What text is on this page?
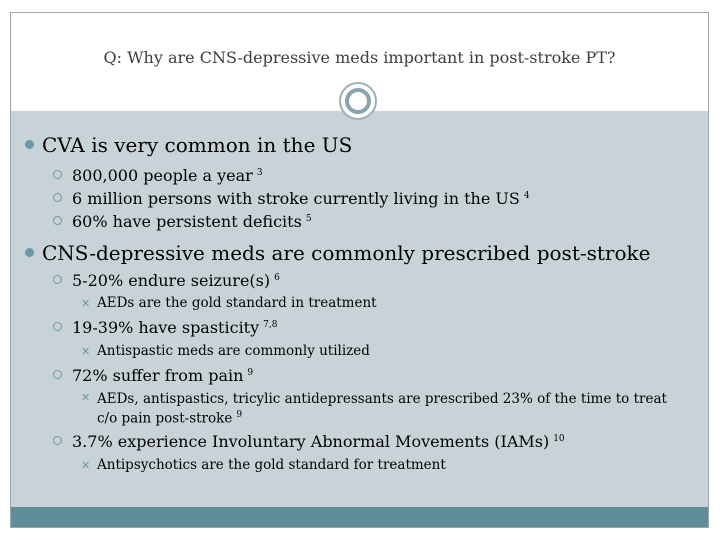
Q: Why are CNS-depressive meds important in post-stroke PT?
CVA is very common in the US
800,000 people a year $^3$
6 million persons with stroke currently living in the US $^4$
60% have persistent deficits $^5$
CNS-depressive meds are commonly prescribed post-stroke
5-20% endure seizure(s) $^6$
✕ AEDs are the gold standard in treatment
19-39% have spasticity $^{7,8}$
✕ Antispastic meds are commonly utilized
72% suffer from pain $^9$
✕ AEDs, antispastics, tricylic antidepressants are prescribed 23% of the time to treat c/o pain post-stroke $^9$
3.7% experience Involuntary Abnormal Movements (IAMs) $^{10}$
✕ Antipsychotics are the gold standard for treatment
